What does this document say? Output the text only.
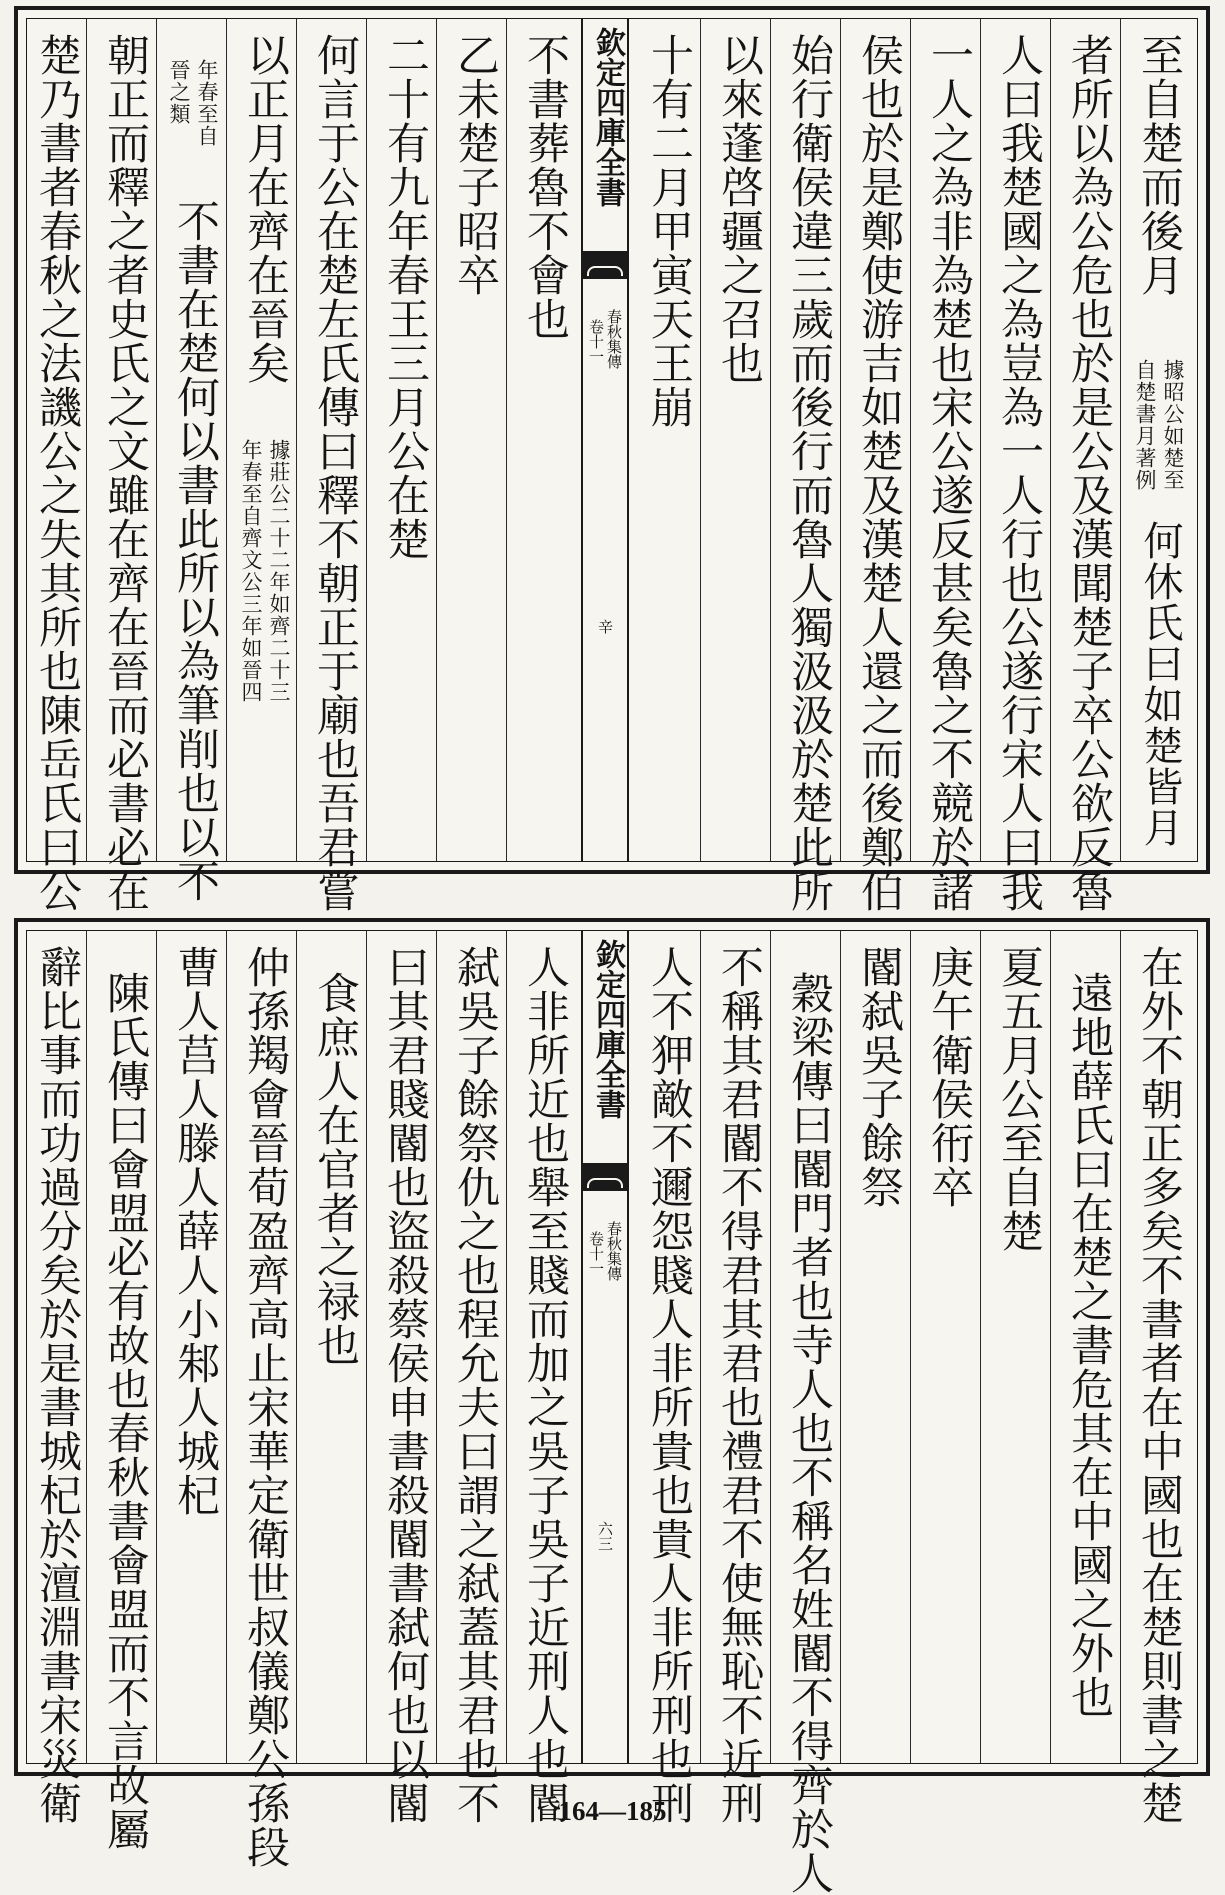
至自楚而後月
據昭公如楚至
自楚書月著例
者所以為公危也於是公及漢聞楚子卒公欲反魯
人曰我楚國之為豈為一人行也公遂行宋人曰我
一人之為非為楚也宋公遂反甚矣魯之不競於諸
侯也於是鄭使游吉如楚及漢楚人還之而後鄭伯
始行衛侯違三歲而後行而魯人獨汲汲於楚此所
以來蓬啓疆之召也
十有二月甲寅天王崩
欽定四庫全書
春秋集傳
卷十一
辛
不書葬魯不會也
乙未楚子昭卒
二十有九年春王三月公在楚
何言于公在楚左氏傳曰釋不朝正于廟也吾君嘗
以正月在齊在晉矣
據莊公二十二年如齊二十三
年春至自齊文公三年如晉四
年春至自
晉之類
不書在楚何以書此所以為筆削也以不
朝正而釋之者史氏之文雖在齊在晉而必書必在
楚乃書者春秋之法譏公之失其所也陳岳氏曰公
在外不朝正多矣不書者在中國也在楚則書之楚
遠地薛氏曰在楚之書危其在中國之外也
夏五月公至自楚
庚午衛侯衎卒
閽弑吳子餘祭
穀梁傳曰閽門者也寺人也不稱名姓閽不得齊於人
不稱其君閽不得君其君也禮君不使無恥不近刑
人不狎敵不邇怨賤人非所貴也貴人非所刑也刑
欽定四庫全書
春秋集傳
卷十一
六三
人非所近也舉至賤而加之吳子吳子近刑人也閽
弑吳子餘祭仇之也程允夫曰謂之弑蓋其君也不
曰其君賤閽也盜殺蔡侯申書殺閽書弑何也以閽
食庶人在官者之禄也
仲孫羯會晉荀盈齊高止宋華定衛世叔儀鄭公孫段
曹人莒人滕人薛人小邾人城杞
陳氏傳曰會盟必有故也春秋書會盟而不言故屬
辭比事而功過分矣於是書城杞於澶淵書宋災衛
何休氏曰如楚皆月
164—185
